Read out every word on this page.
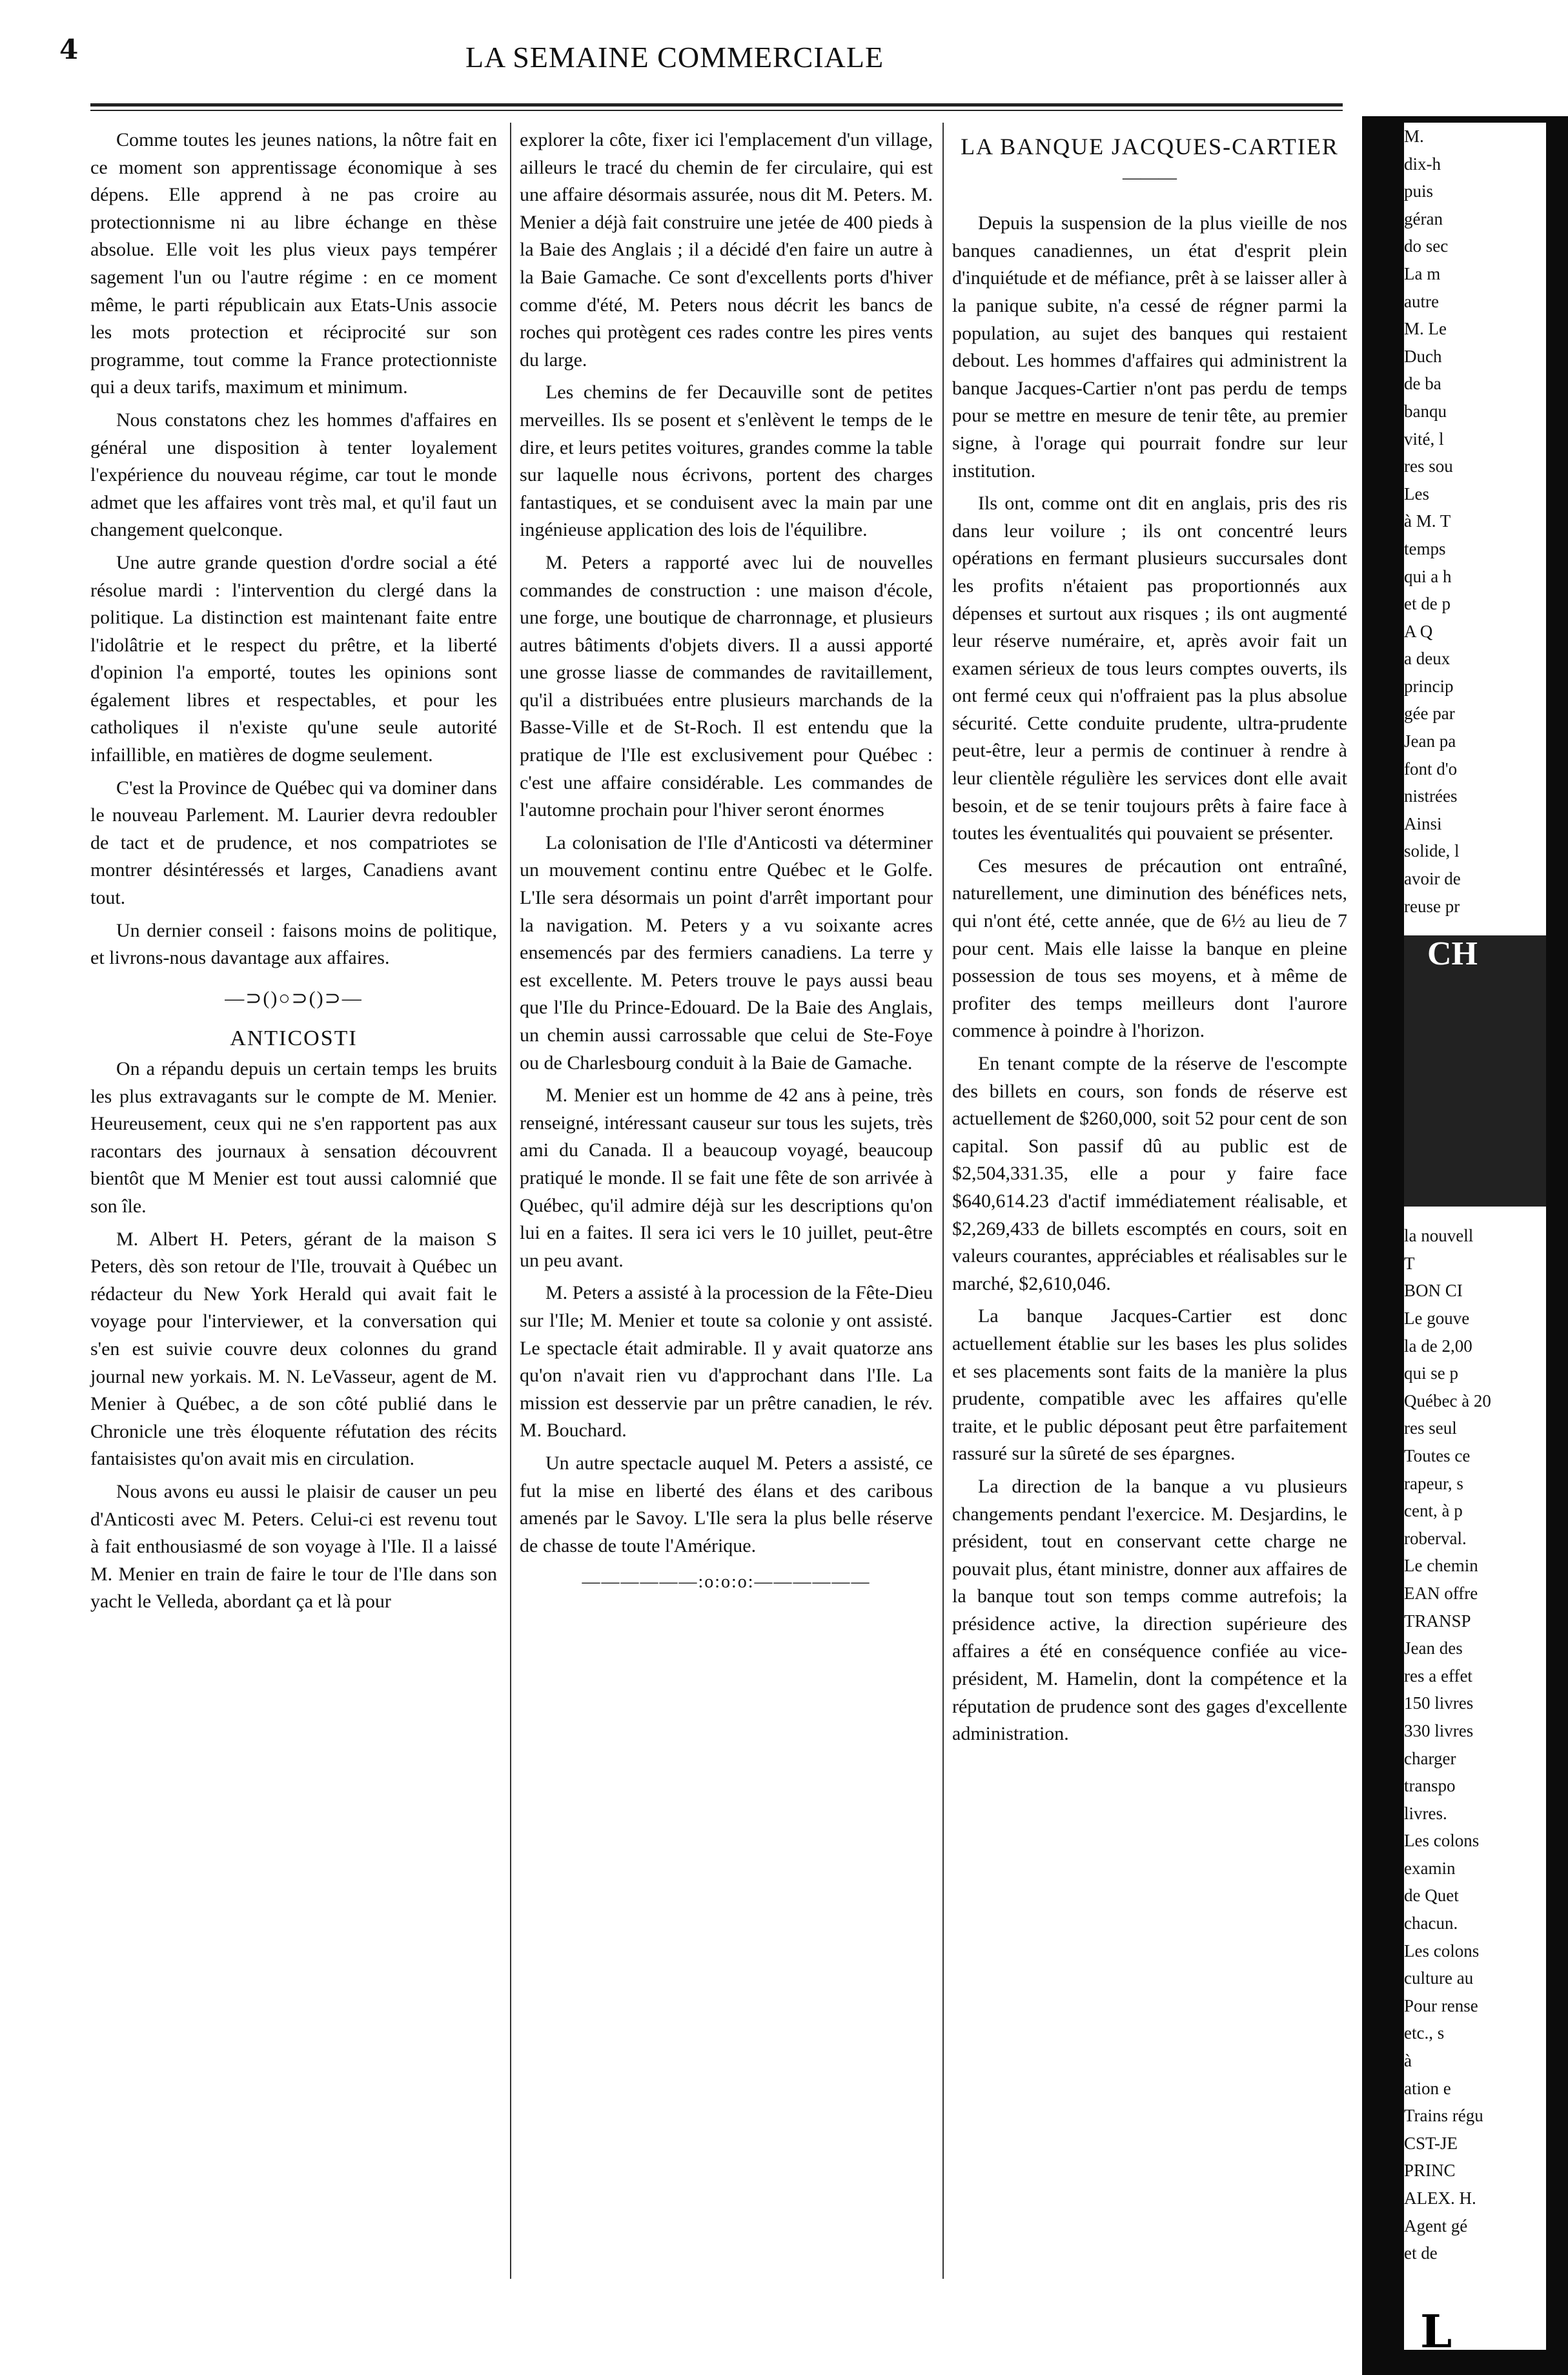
4	LA SEMAINE COMMERCIALE

Comme toutes les jeunes nations, la nôtre fait en ce moment son apprentissage économique à ses dépens. Elle apprend à ne pas croire au protectionnisme ni au libre échange en thèse absolue. Elle voit les plus vieux pays tempérer sagement l'un ou l'autre régime : en ce moment même, le parti républicain aux Etats-Unis associe les mots protection et réciprocité sur son programme, tout comme la France protectionniste qui a deux tarifs, maximum et minimum.

Nous constatons chez les hommes d'affaires en général une disposition à tenter loyalement l'expérience du nouveau régime, car tout le monde admet que les affaires vont très mal, et qu'il faut un changement quelconque.

Une autre grande question d'ordre social a été résolue mardi : l'intervention du clergé dans la politique. La distinction est maintenant faite entre l'idolâtrie et le respect du prêtre, et la liberté d'opinion l'a emporté, toutes les opinions sont également libres et respectables, et pour les catholiques il n'existe qu'une seule autorité infaillible, en matières de dogme seulement.

C'est la Province de Québec qui va dominer dans le nouveau Parlement. M. Laurier devra redoubler de tact et de prudence, et nos compatriotes se montrer désintéressés et larges, Canadiens avant tout.

Un dernier conseil : faisons moins de politique, et livrons-nous davantage aux affaires.

—⊃()○⊃()⊃—
ANTICOSTI

On a répandu depuis un certain temps les bruits les plus extravagants sur le compte de M. Menier. Heureusement, ceux qui ne s'en rapportent pas aux racontars des journaux à sensation découvrent bientôt que M Menier est tout aussi calomnié que son île.

M. Albert H. Peters, gérant de la maison S Peters, dès son retour de l'Ile, trouvait à Québec un rédacteur du New York Herald qui avait fait le voyage pour l'interviewer, et la conversation qui s'en est suivie couvre deux colonnes du grand journal new yorkais. M. N. LeVasseur, agent de M. Menier à Québec, a de son côté publié dans le Chronicle une très éloquente réfutation des récits fantaisistes qu'on avait mis en circulation.

Nous avons eu aussi le plaisir de causer un peu d'Anticosti avec M. Peters. Celui-ci est revenu tout à fait enthousiasmé de son voyage à l'Ile. Il a laissé M. Menier en train de faire le tour de l'Ile dans son yacht le Velleda, abordant ça et là pour

explorer la côte, fixer ici l'emplacement d'un village, ailleurs le tracé du chemin de fer circulaire, qui est une affaire désormais assurée, nous dit M. Peters. M. Menier a déjà fait construire une jetée de 400 pieds à la Baie des Anglais ; il a décidé d'en faire un autre à la Baie Gamache. Ce sont d'excellents ports d'hiver comme d'été, M. Peters nous décrit les bancs de roches qui protègent ces rades contre les pires vents du large.

Les chemins de fer Decauville sont de petites merveilles. Ils se posent et s'enlèvent le temps de le dire, et leurs petites voitures, grandes comme la table sur laquelle nous écrivons, portent des charges fantastiques, et se conduisent avec la main par une ingénieuse application des lois de l'équilibre.

M. Peters a rapporté avec lui de nouvelles commandes de construction : une maison d'école, une forge, une boutique de charronnage, et plusieurs autres bâtiments d'objets divers. Il a aussi apporté une grosse liasse de commandes de ravitaillement, qu'il a distribuées entre plusieurs marchands de la Basse-Ville et de St-Roch. Il est entendu que la pratique de l'Ile est exclusivement pour Québec : c'est une affaire considérable. Les commandes de l'automne prochain pour l'hiver seront énormes

La colonisation de l'Ile d'Anticosti va déterminer un mouvement continu entre Québec et le Golfe. L'Ile sera désormais un point d'arrêt important pour la navigation. M. Peters y a vu soixante acres ensemencés par des fermiers canadiens. La terre y est excellente. M. Peters trouve le pays aussi beau que l'Ile du Prince-Edouard. De la Baie des Anglais, un chemin aussi carrossable que celui de Ste-Foye ou de Charlesbourg conduit à la Baie de Gamache.

M. Menier est un homme de 42 ans à peine, très renseigné, intéressant causeur sur tous les sujets, très ami du Canada. Il a beaucoup voyagé, beaucoup pratiqué le monde. Il se fait une fête de son arrivée à Québec, qu'il admire déjà sur les descriptions qu'on lui en a faites. Il sera ici vers le 10 juillet, peut-être un peu avant.

M. Peters a assisté à la procession de la Fête-Dieu sur l'Ile; M. Menier et toute sa colonie y ont assisté. Le spectacle était admirable. Il y avait quatorze ans qu'on n'avait rien vu d'approchant dans l'Ile. La mission est desservie par un prêtre canadien, le rév. M. Bouchard.

Un autre spectacle auquel M. Peters a assisté, ce fut la mise en liberté des élans et des caribous amenés par le Savoy. L'Ile sera la plus belle réserve de chasse de toute l'Amérique.

——————:o:o:o:——————
LA BANQUE JACQUES-CARTIER
———

Depuis la suspension de la plus vieille de nos banques canadiennes, un état d'esprit plein d'inquiétude et de méfiance, prêt à se laisser aller à la panique subite, n'a cessé de régner parmi la population, au sujet des banques qui restaient debout. Les hommes d'affaires qui administrent la banque Jacques-Cartier n'ont pas perdu de temps pour se mettre en mesure de tenir tête, au premier signe, à l'orage qui pourrait fondre sur leur institution.

Ils ont, comme ont dit en anglais, pris des ris dans leur voilure ; ils ont concentré leurs opérations en fermant plusieurs succursales dont les profits n'étaient pas proportionnés aux dépenses et surtout aux risques ; ils ont augmenté leur réserve numéraire, et, après avoir fait un examen sérieux de tous leurs comptes ouverts, ils ont fermé ceux qui n'offraient pas la plus absolue sécurité. Cette conduite prudente, ultra-prudente peut-être, leur a permis de continuer à rendre à leur clientèle régulière les services dont elle avait besoin, et de se tenir toujours prêts à faire face à toutes les éventualités qui pouvaient se présenter.

Ces mesures de précaution ont entraîné, naturellement, une diminution des bénéfices nets, qui n'ont été, cette année, que de 6½ au lieu de 7 pour cent. Mais elle laisse la banque en pleine possession de tous ses moyens, et à même de profiter des temps meilleurs dont l'aurore commence à poindre à l'horizon.

En tenant compte de la réserve de l'escompte des billets en cours, son fonds de réserve est actuellement de $260,000, soit 52 pour cent de son capital. Son passif dû au public est de $2,504,331.35, elle a pour y faire face $640,614.23 d'actif immédiatement réalisable, et $2,269,433 de billets escomptés en cours, soit en valeurs courantes, appréciables et réalisables sur le marché, $2,610,046.

La banque Jacques-Cartier est donc actuellement établie sur les bases les plus solides et ses placements sont faits de la manière la plus prudente, compatible avec les affaires qu'elle traite, et le public déposant peut être parfaitement rassuré sur la sûreté de ses épargnes.

La direction de la banque a vu plusieurs changements pendant l'exercice. M. Desjardins, le président, tout en conservant cette charge ne pouvait plus, étant ministre, donner aux affaires de la banque tout son temps comme autrefois; la présidence active, la direction supérieure des affaires a été en conséquence confiée au vice-président, M. Hamelin, dont la compétence et la réputation de prudence sont des gages d'excellente administration.

M.
dix-h
puis
géran
do sec
La m
autre
M. Le
Duch
de ba
banqu
vité, l
res sou
Les
à M. T
temps
qui a h
et de p
A Q
a deux
princip
gée par
Jean pa
font d'o
nistrées
Ainsi
solide, l
avoir de
reuse pr
CH
la nouvell
T
BON CI
Le gouve
la de 2,00
qui se p
Québec à 20
res seul
Toutes ce
rapeur, s
cent, à p
roberval.
Le chemin
EAN offre
TRANSP
Jean des
res a effet
150 livres
330 livres
charger
transpo
livres.
Les colons
examin
de Quet
chacun.
Les colons
culture au
Pour rense
etc., s
à
ation e
Trains régu
CST-JE
PRINC
ALEX. H.
Agent gé
et de
L
